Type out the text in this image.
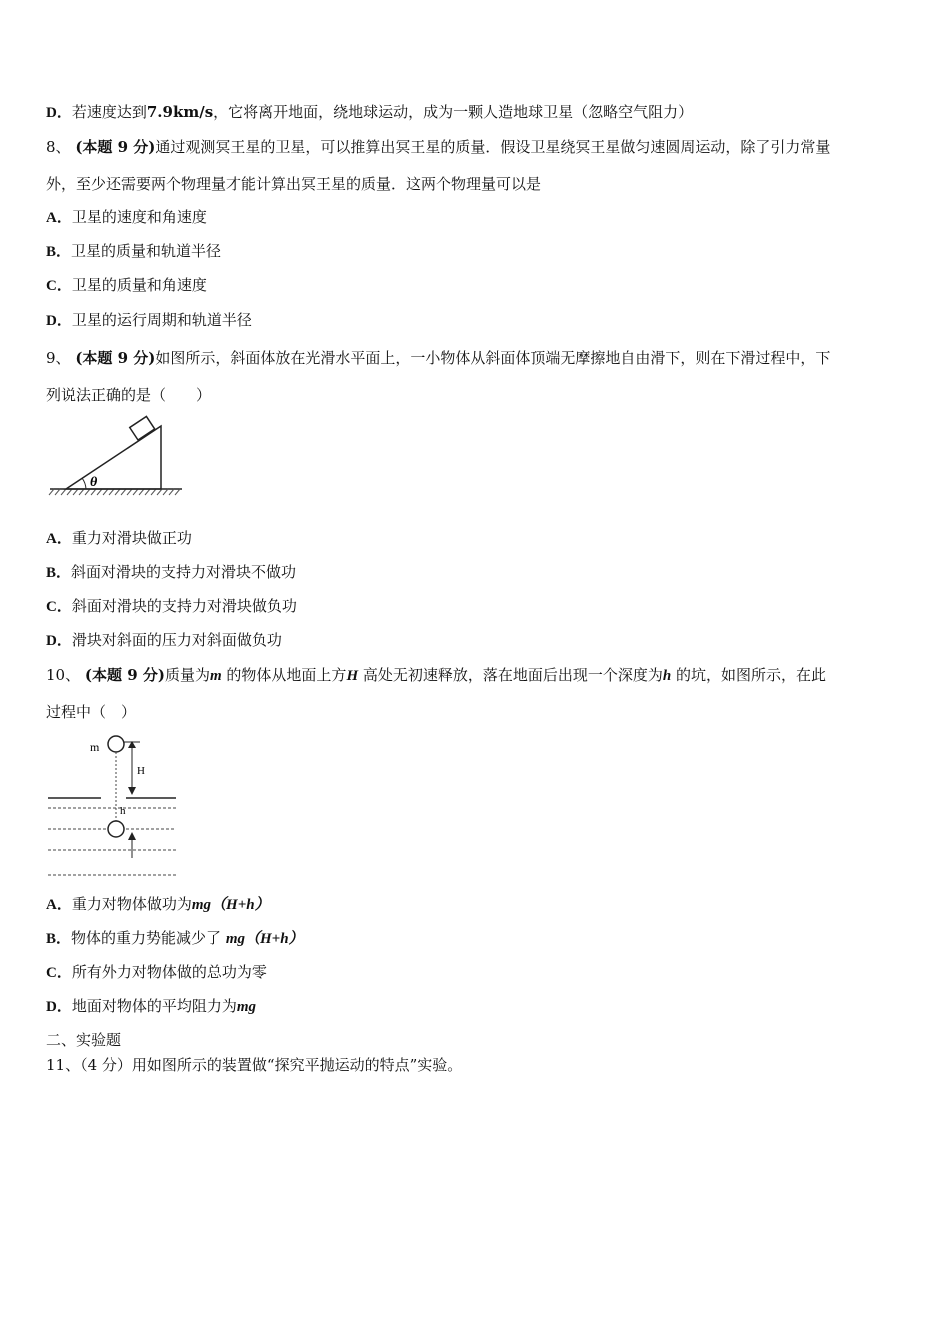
D．若速度达到7.9km/s，它将离开地面，绕地球运动，成为一颗人造地球卫星（忽略空气阻力）
8、 (本题 9 分)通过观测冥王星的卫星，可以推算出冥王星的质量．假设卫星绕冥王星做匀速圆周运动，除了引力常量
外，至少还需要两个物理量才能计算出冥王星的质量．这两个物理量可以是
A．卫星的速度和角速度
B．卫星的质量和轨道半径
C．卫星的质量和角速度
D．卫星的运行周期和轨道半径
9、 (本题 9 分)如图所示，斜面体放在光滑水平面上，一小物体从斜面体顶端无摩擦地自由滑下，则在下滑过程中，下
列说法正确的是（　　）
θ
A．重力对滑块做正功
B．斜面对滑块的支持力对滑块不做功
C．斜面对滑块的支持力对滑块做负功
D．滑块对斜面的压力对斜面做负功
10、 (本题 9 分)质量为m 的物体从地面上方H 高处无初速释放，落在地面后出现一个深度为h 的坑，如图所示，在此
过程中（　）
m
H
h
A．重力对物体做功为mg（H+h）
B．物体的重力势能减少了 mg（H+h）
C．所有外力对物体做的总功为零
D．地面对物体的平均阻力为mg
二、实验题
11、（4 分）用如图所示的装置做“探究平抛运动的特点”实验。
